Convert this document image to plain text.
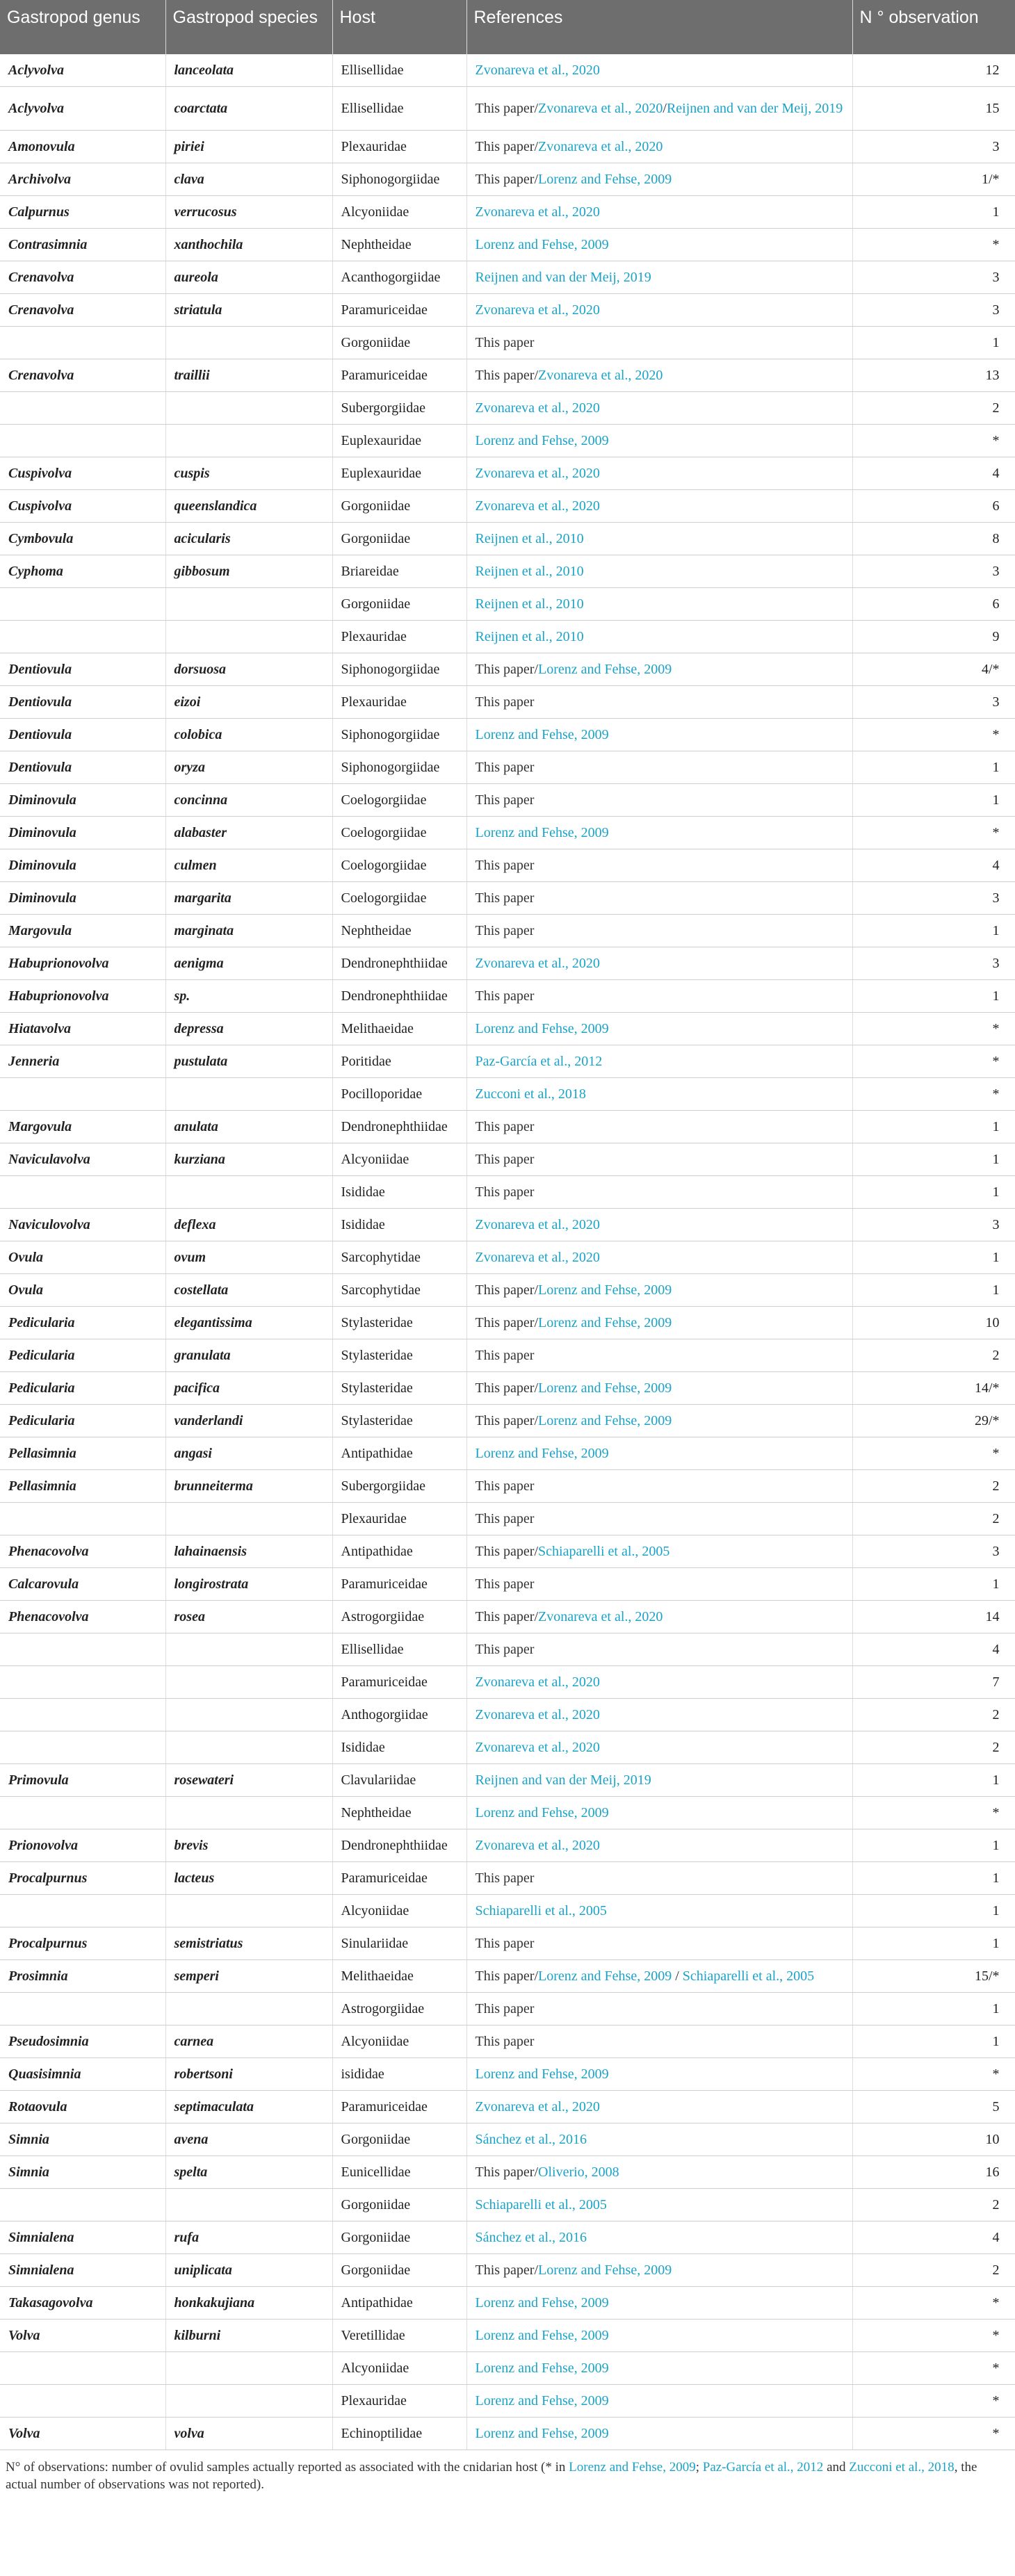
Gastropod genus	Gastropod species	Host	References	N ° observation
Aclyvolva	lanceolata	Ellisellidae	Zvonareva et al., 2020	12
Aclyvolva	coarctata	Ellisellidae	This paper/Zvonareva et al., 2020/Reijnen and van der Meij, 2019	15
Amonovula	piriei	Plexauridae	This paper/Zvonareva et al., 2020	3
Archivolva	clava	Siphonogorgiidae	This paper/Lorenz and Fehse, 2009	1/*
Calpurnus	verrucosus	Alcyoniidae	Zvonareva et al., 2020	1
Contrasimnia	xanthochila	Nephtheidae	Lorenz and Fehse, 2009	*
Crenavolva	aureola	Acanthogorgiidae	Reijnen and van der Meij, 2019	3
Crenavolva	striatula	Paramuriceidae	Zvonareva et al., 2020	3
		Gorgoniidae	This paper	1
Crenavolva	traillii	Paramuriceidae	This paper/Zvonareva et al., 2020	13
		Subergorgiidae	Zvonareva et al., 2020	2
		Euplexauridae	Lorenz and Fehse, 2009	*
Cuspivolva	cuspis	Euplexauridae	Zvonareva et al., 2020	4
Cuspivolva	queenslandica	Gorgoniidae	Zvonareva et al., 2020	6
Cymbovula	acicularis	Gorgoniidae	Reijnen et al., 2010	8
Cyphoma	gibbosum	Briareidae	Reijnen et al., 2010	3
		Gorgoniidae	Reijnen et al., 2010	6
		Plexauridae	Reijnen et al., 2010	9
Dentiovula	dorsuosa	Siphonogorgiidae	This paper/Lorenz and Fehse, 2009	4/*
Dentiovula	eizoi	Plexauridae	This paper	3
Dentiovula	colobica	Siphonogorgiidae	Lorenz and Fehse, 2009	*
Dentiovula	oryza	Siphonogorgiidae	This paper	1
Diminovula	concinna	Coelogorgiidae	This paper	1
Diminovula	alabaster	Coelogorgiidae	Lorenz and Fehse, 2009	*
Diminovula	culmen	Coelogorgiidae	This paper	4
Diminovula	margarita	Coelogorgiidae	This paper	3
Margovula	marginata	Nephtheidae	This paper	1
Habuprionovolva	aenigma	Dendronephthiidae	Zvonareva et al., 2020	3
Habuprionovolva	sp.	Dendronephthiidae	This paper	1
Hiatavolva	depressa	Melithaeidae	Lorenz and Fehse, 2009	*
Jenneria	pustulata	Poritidae	Paz-García et al., 2012	*
		Pocilloporidae	Zucconi et al., 2018	*
Margovula	anulata	Dendronephthiidae	This paper	1
Naviculavolva	kurziana	Alcyoniidae	This paper	1
		Isididae	This paper	1
Naviculovolva	deflexa	Isididae	Zvonareva et al., 2020	3
Ovula	ovum	Sarcophytidae	Zvonareva et al., 2020	1
Ovula	costellata	Sarcophytidae	This paper/Lorenz and Fehse, 2009	1
Pedicularia	elegantissima	Stylasteridae	This paper/Lorenz and Fehse, 2009	10
Pedicularia	granulata	Stylasteridae	This paper	2
Pedicularia	pacifica	Stylasteridae	This paper/Lorenz and Fehse, 2009	14/*
Pedicularia	vanderlandi	Stylasteridae	This paper/Lorenz and Fehse, 2009	29/*
Pellasimnia	angasi	Antipathidae	Lorenz and Fehse, 2009	*
Pellasimnia	brunneiterma	Subergorgiidae	This paper	2
		Plexauridae	This paper	2
Phenacovolva	lahainaensis	Antipathidae	This paper/Schiaparelli et al., 2005	3
Calcarovula	longirostrata	Paramuriceidae	This paper	1
Phenacovolva	rosea	Astrogorgiidae	This paper/Zvonareva et al., 2020	14
		Ellisellidae	This paper	4
		Paramuriceidae	Zvonareva et al., 2020	7
		Anthogorgiidae	Zvonareva et al., 2020	2
		Isididae	Zvonareva et al., 2020	2
Primovula	rosewateri	Clavulariidae	Reijnen and van der Meij, 2019	1
		Nephtheidae	Lorenz and Fehse, 2009	*
Prionovolva	brevis	Dendronephthiidae	Zvonareva et al., 2020	1
Procalpurnus	lacteus	Paramuriceidae	This paper	1
		Alcyoniidae	Schiaparelli et al., 2005	1
Procalpurnus	semistriatus	Sinulariidae	This paper	1
Prosimnia	semperi	Melithaeidae	This paper/Lorenz and Fehse, 2009 / Schiaparelli et al., 2005	15/*
		Astrogorgiidae	This paper	1
Pseudosimnia	carnea	Alcyoniidae	This paper	1
Quasisimnia	robertsoni	isididae	Lorenz and Fehse, 2009	*
Rotaovula	septimaculata	Paramuriceidae	Zvonareva et al., 2020	5
Simnia	avena	Gorgoniidae	Sánchez et al., 2016	10
Simnia	spelta	Eunicellidae	This paper/Oliverio, 2008	16
		Gorgoniidae	Schiaparelli et al., 2005	2
Simnialena	rufa	Gorgoniidae	Sánchez et al., 2016	4
Simnialena	uniplicata	Gorgoniidae	This paper/Lorenz and Fehse, 2009	2
Takasagovolva	honkakujiana	Antipathidae	Lorenz and Fehse, 2009	*
Volva	kilburni	Veretillidae	Lorenz and Fehse, 2009	*
		Alcyoniidae	Lorenz and Fehse, 2009	*
		Plexauridae	Lorenz and Fehse, 2009	*
Volva	volva	Echinoptilidae	Lorenz and Fehse, 2009	*
N° of observations: number of ovulid samples actually reported as associated with the cnidarian host (* in Lorenz and Fehse, 2009; Paz-García et al., 2012 and Zucconi et al., 2018, the actual number of observations was not reported).
